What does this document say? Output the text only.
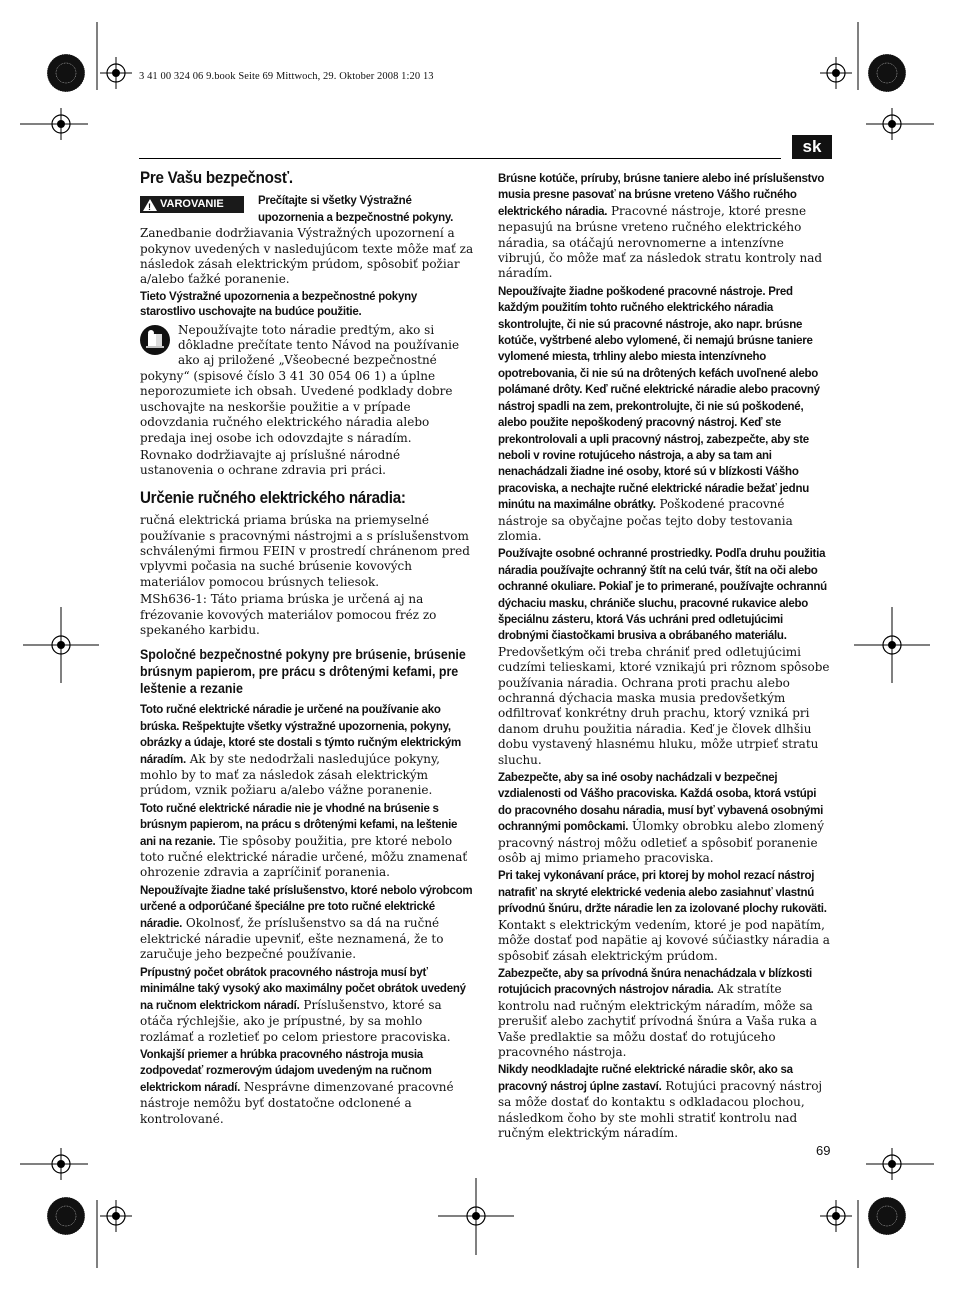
3 41 00 324 06 9.book Seite 69 Mittwoch, 29. Oktober 2008 1:20 13
sk
Pre Vašu bezpečnosť.
!
VAROVANIE	Prečítajte si všetky Výstražné upozornenia a bezpečnostné pokyny.
Zanedbanie dodržiavania Výstražných upozornení a pokynov uvedených v nasledujúcom texte môže mať za následok zásah elektrickým prúdom, spôsobiť požiar a/alebo ťažké poranenie.

Tieto Výstražné upozornenia a bezpečnostné pokyny starostlivo uschovajte na budúce použitie.

Nepoužívajte toto náradie predtým, ako si dôkladne prečítate tento Návod na používanie ako aj priložené „Všeobecné bezpečnostné pokyny“ (spisové číslo 3 41 30 054 06 1) a úplne neporozumiete ich obsah. Uvedené podklady dobre uschovajte na neskoršie použitie a v prípade odovzdania ručného elektrického náradia alebo predaja inej osobe ich odovzdajte s náradím.

Rovnako dodržiavajte aj príslušné národné ustanovenia o ochrane zdravia pri práci.

Určenie ručného elektrického náradia:

ručná elektrická priama brúska na priemyselné používanie s pracovnými nástrojmi a s príslušenstvom schválenými firmou FEIN v prostredí chránenom pred vplyvmi počasia na suché brúsenie kovových materiálov pomocou brúsnych teliesok.

MSh636-1: Táto priama brúska je určená aj na frézovanie kovových materiálov pomocou fréz zo spekaného karbidu.

Spoločné bezpečnostné pokyny pre brúsenie, brúsenie brúsnym papierom, pre prácu s drôtenými kefami, pre leštenie a rezanie

Toto ručné elektrické náradie je určené na používanie ako brúska. Rešpektujte všetky výstražné upozornenia, pokyny, obrázky a údaje, ktoré ste dostali s týmto ručným elektrickým náradím. Ak by ste nedodržali nasledujúce pokyny, mohlo by to mať za následok zásah elektrickým prúdom, vznik požiaru a/alebo vážne poranenie.

Toto ručné elektrické náradie nie je vhodné na brúsenie s brúsnym papierom, na prácu s drôtenými kefami, na leštenie ani na rezanie. Tie spôsoby použitia, pre ktoré nebolo toto ručné elektrické náradie určené, môžu znamenať ohrozenie zdravia a zapríčiniť poranenia.

Nepoužívajte žiadne také príslušenstvo, ktoré nebolo výrobcom určené a odporúčané špeciálne pre toto ručné elektrické náradie. Okolnosť, že príslušenstvo sa dá na ručné elektrické náradie upevniť, ešte neznamená, že to zaručuje jeho bezpečné používanie.

Prípustný počet obrátok pracovného nástroja musí byť minimálne taký vysoký ako maximálny počet obrátok uvedený na ručnom elektrickom náradí. Príslušenstvo, ktoré sa otáča rýchlejšie, ako je prípustné, by sa mohlo rozlámať a rozletieť po celom priestore pracoviska.

Vonkajší priemer a hrúbka pracovného nástroja musia zodpovedať rozmerovým údajom uvedeným na ručnom elektrickom náradí. Nesprávne dimenzované pracovné nástroje nemôžu byť dostatočne odclonené a kontrolované.

Brúsne kotúče, príruby, brúsne taniere alebo iné príslušenstvo musia presne pasovať na brúsne vreteno Vášho ručného elektrického náradia. Pracovné nástroje, ktoré presne nepasujú na brúsne vreteno ručného elektrického náradia, sa otáčajú nerovnomerne a intenzívne vibrujú, čo môže mať za následok stratu kontroly nad náradím.

Nepoužívajte žiadne poškodené pracovné nástroje. Pred každým použitím tohto ručného elektrického náradia skontrolujte, či nie sú pracovné nástroje, ako napr. brúsne kotúče, vyštrbené alebo vylomené, či nemajú brúsne taniere vylomené miesta, trhliny alebo miesta intenzívneho opotrebovania, či nie sú na drôtených kefách uvoľnené alebo polámané drôty. Keď ručné elektrické náradie alebo pracovný nástroj spadli na zem, prekontrolujte, či nie sú poškodené, alebo použite nepoškodený pracovný nástroj. Keď ste prekontrolovali a upli pracovný nástroj, zabezpečte, aby ste neboli v rovine rotujúceho nástroja, a aby sa tam ani nenachádzali žiadne iné osoby, ktoré sú v blízkosti Vášho pracoviska, a nechajte ručné elektrické náradie bežať jednu minútu na maximálne obrátky. Poškodené pracovné nástroje sa obyčajne počas tejto doby testovania zlomia.

Používajte osobné ochranné prostriedky. Podľa druhu použitia náradia používajte ochranný štít na celú tvár, štít na oči alebo ochranné okuliare. Pokiaľ je to primerané, používajte ochrannú dýchaciu masku, chrániče sluchu, pracovné rukavice alebo špeciálnu zásteru, ktorá Vás uchráni pred odletujúcimi drobnými čiastočkami brusiva a obrábaného materiálu. Predovšetkým oči treba chrániť pred odletujúcimi cudzími telieskami, ktoré vznikajú pri rôznom spôsobe používania náradia. Ochrana proti prachu alebo ochranná dýchacia maska musia predovšetkým odfiltrovať konkrétny druh prachu, ktorý vzniká pri danom druhu použitia náradia. Keď je človek dlhšiu dobu vystavený hlasnému hluku, môže utrpieť stratu sluchu.

Zabezpečte, aby sa iné osoby nachádzali v bezpečnej vzdialenosti od Vášho pracoviska. Každá osoba, ktorá vstúpi do pracovného dosahu náradia, musí byť vybavená osobnými ochrannými pomôckami. Úlomky obrobku alebo zlomený pracovný nástroj môžu odletieť a spôsobiť poranenie osôb aj mimo priameho pracoviska.

Pri takej vykonávaní práce, pri ktorej by mohol rezací nástroj natrafiť na skryté elektrické vedenia alebo zasiahnuť vlastnú prívodnú šnúru, držte náradie len za izolované plochy rukoväti. Kontakt s elektrickým vedením, ktoré je pod napätím, môže dostať pod napätie aj kovové súčiastky náradia a spôsobiť zásah elektrickým prúdom.

Zabezpečte, aby sa prívodná šnúra nenachádzala v blízkosti rotujúcich pracovných nástrojov náradia. Ak stratíte kontrolu nad ručným elektrickým náradím, môže sa prerušiť alebo zachytiť prívodná šnúra a Vaša ruka a Vaše predlaktie sa môžu dostať do rotujúceho pracovného nástroja.

Nikdy neodkladajte ručné elektrické náradie skôr, ako sa pracovný nástroj úplne zastaví. Rotujúci pracovný nástroj sa môže dostať do kontaktu s odkladacou plochou, následkom čoho by ste mohli stratiť kontrolu nad ručným elektrickým náradím.

69
